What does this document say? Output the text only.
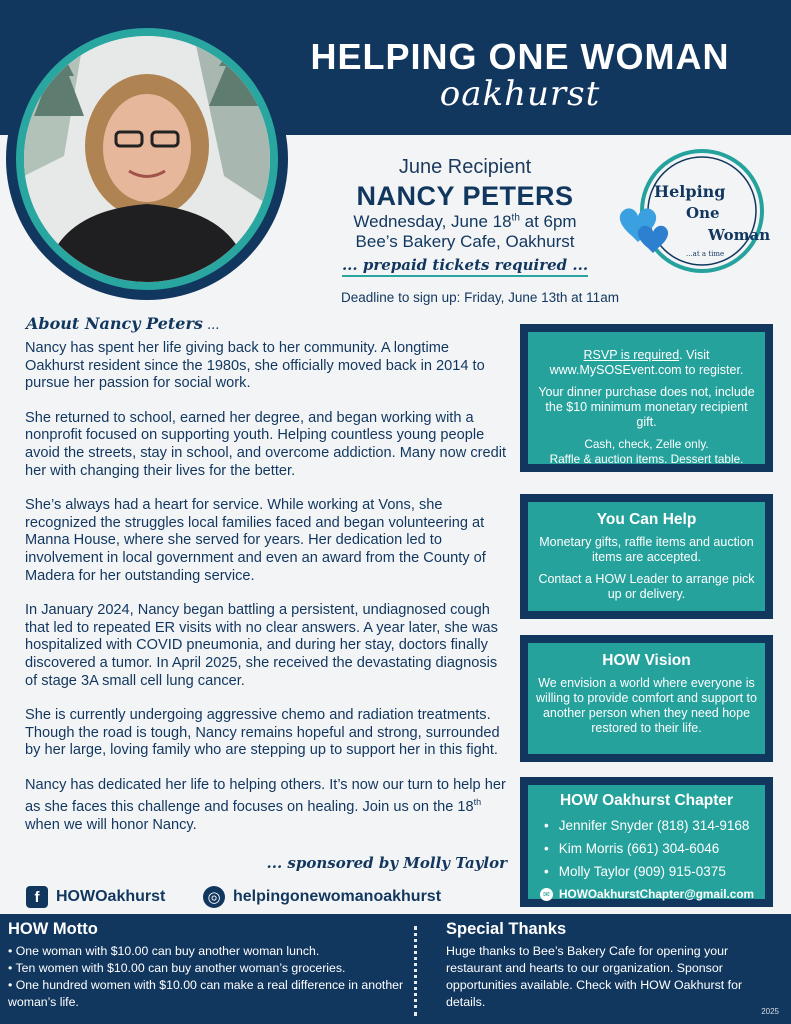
HELPING ONE WOMAN
oakhurst
June Recipient
NANCY PETERS
Wednesday, June 18th at 6pm
Bee’s Bakery Cafe, Oakhurst
... prepaid tickets required ...
Deadline to sign up: Friday, June 13th at 11am
Helping
One
Woman
...at a time
About Nancy Peters ...

Nancy has spent her life giving back to her community. A longtime Oakhurst resident since the 1980s, she officially moved back in 2014 to pursue her passion for social work.

She returned to school, earned her degree, and began working with a nonprofit focused on supporting youth. Helping countless young people avoid the streets, stay in school, and overcome addiction. Many now credit her with changing their lives for the better.

She’s always had a heart for service. While working at Vons, she recognized the struggles local families faced and began volunteering at Manna House, where she served for years. Her dedication led to involvement in local government and even an award from the County of Madera for her outstanding service.

In January 2024, Nancy began battling a persistent, undiagnosed cough that led to repeated ER visits with no clear answers. A year later, she was hospitalized with COVID pneumonia, and during her stay, doctors finally discovered a tumor. In April 2025, she received the devastating diagnosis of stage 3A small cell lung cancer.

She is currently undergoing aggressive chemo and radiation treatments. Though the road is tough, Nancy remains hopeful and strong, surrounded by her large, loving family who are stepping up to support her in this fight.

Nancy has dedicated her life to helping others. It’s now our turn to help her as she faces this challenge and focuses on healing. Join us on the 18th when we will honor Nancy.

... sponsored by Molly Taylor
f	HOWOakhurst	◎ helpingonewomanoakhurst

RSVP is required. Visit www.MySOSEvent.com to register.

Your dinner purchase does not, include the $10 minimum monetary recipient gift.

Cash, check, Zelle only.
Raffle & auction items. Dessert table.
You Can Help

Monetary gifts, raffle items and auction items are accepted.

Contact a HOW Leader to arrange pick up or delivery.

HOW Vision

We envision a world where everyone is willing to provide comfort and support to another person when they need hope restored to their life.

HOW Oakhurst Chapter
• Jennifer Snyder (818) 314-9168
• Kim Morris (661) 304-6046
• Molly Taylor (909) 915-0375
✉ HOWOakhurstChapter@gmail.com
HOW Motto
• One woman with $10.00 can buy another woman lunch.
• Ten women with $10.00 can buy another woman’s groceries.
• One hundred women with $10.00 can make a real difference in another woman’s life.
Special Thanks
Huge thanks to Bee’s Bakery Cafe for opening your restaurant and hearts to our organization. Sponsor opportunities available. Check with HOW Oakhurst for details.
2025
